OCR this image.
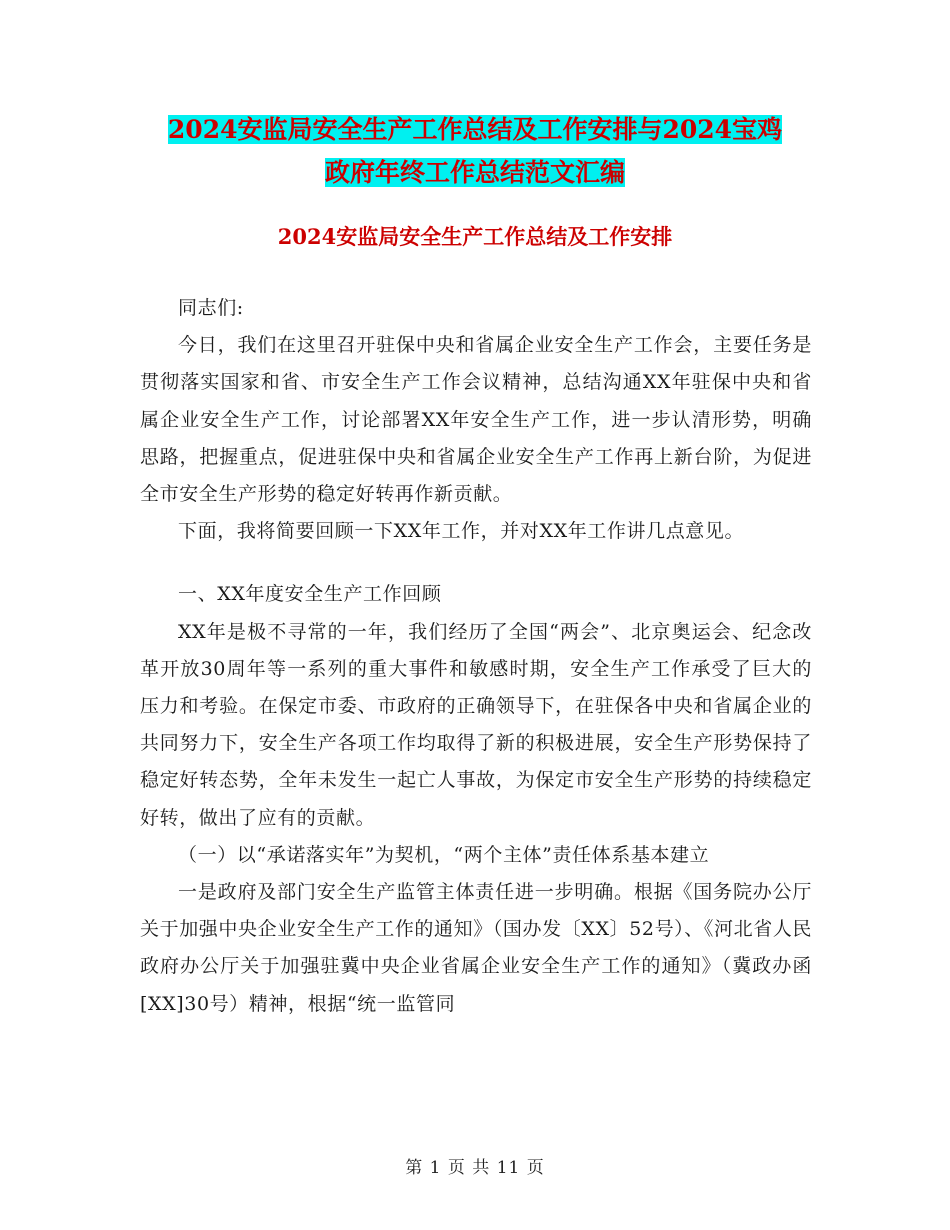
2024安监局安全生产工作总结及工作安排与2024宝鸡
政府年终工作总结范文汇编
2024安监局安全生产工作总结及工作安排

同志们:

今日，我们在这里召开驻保中央和省属企业安全生产工作会，主要任务是贯彻落实国家和省、市安全生产工作会议精神，总结沟通XX年驻保中央和省属企业安全生产工作，讨论部署XX年安全生产工作，进一步认清形势，明确思路，把握重点，促进驻保中央和省属企业安全生产工作再上新台阶，为促进全市安全生产形势的稳定好转再作新贡献。

下面，我将简要回顾一下XX年工作，并对XX年工作讲几点意见。

一、XX年度安全生产工作回顾

XX年是极不寻常的一年，我们经历了全国“两会”、北京奥运会、纪念改革开放30周年等一系列的重大事件和敏感时期，安全生产工作承受了巨大的压力和考验。在保定市委、市政府的正确领导下，在驻保各中央和省属企业的共同努力下，安全生产各项工作均取得了新的积极进展，安全生产形势保持了稳定好转态势，全年未发生一起亡人事故，为保定市安全生产形势的持续稳定好转，做出了应有的贡献。

（一）以“承诺落实年”为契机，“两个主体”责任体系基本建立

一是政府及部门安全生产监管主体责任进一步明确。根据《国务院办公厅关于加强中央企业安全生产工作的通知》（国办发〔XX〕52号）、《河北省人民政府办公厅关于加强驻冀中央企业省属企业安全生产工作的通知》（冀政办函[XX]30号）精神，根据“统一监管同

第 1 页 共 11 页
